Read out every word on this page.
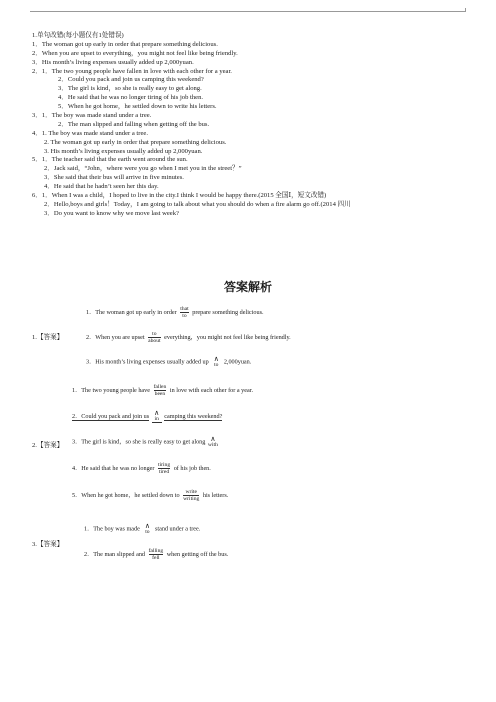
1.单句改错(每小题仅有1处错误)
1．The woman got up early in order that prepare something delicious.
2．When you are upset to everything，you might not feel like being friendly.
3．His month’s living expenses usually added up 2,000yuan.
2．1．The two young people have fallen in love with each other for a year.
2．Could you pack and join us camping this weekend?
3．The girl is kind，so she is really easy to get along.
4．He said that he was no longer tiring of his job then.
5．When he got home，he settled down to write his letters.
3．1．The boy was made stand under a tree.
2．The man slipped and falling when getting off the bus.
4．1. The boy was made stand under a tree.
2. The woman got up early in order that prepare something delicious.
3. His month’s living expenses usually added up 2,000yuan.
5．1．The teacher said that the earth went around the sun.
2．Jack said，“John，where were you go when I met you in the street？”
3．She said that their bus will arrive in five minutes.
4．He said that he hadn’t seen her this day.
6．1．When I was a child，I hoped to live in the city.I think I would be happy there.(2015 全国Ⅰ，短文改错)
2．Hello,boys and girls！Today，I am going to talk about what you should do when a fire alarm go off.(2014 四川
3．Do you want to know why we move last week?
答案解析
1.【答案】
1．The woman got up early in order that
to
prepare something delicious.
2．When you are upset	to
about
everything，you might not feel like being friendly.
3．His month’s living expenses usually added up ∧
to 2,000yuan.
2.【答案】
1．The two young people have fallen
been
in love with each other for a year.
2．Could you pack and join us ∧
in camping this weekend?
3．The girl is kind，so she is really easy to get along ∧
with
4．He said that he was no longer tiring
tired
of his job then.
5．When he got home，he settled down to	write
writing
his letters.
3.【答案】
1．The boy was made ∧
to stand under a tree.
2．The man slipped and falling
fell
when getting off the bus.
